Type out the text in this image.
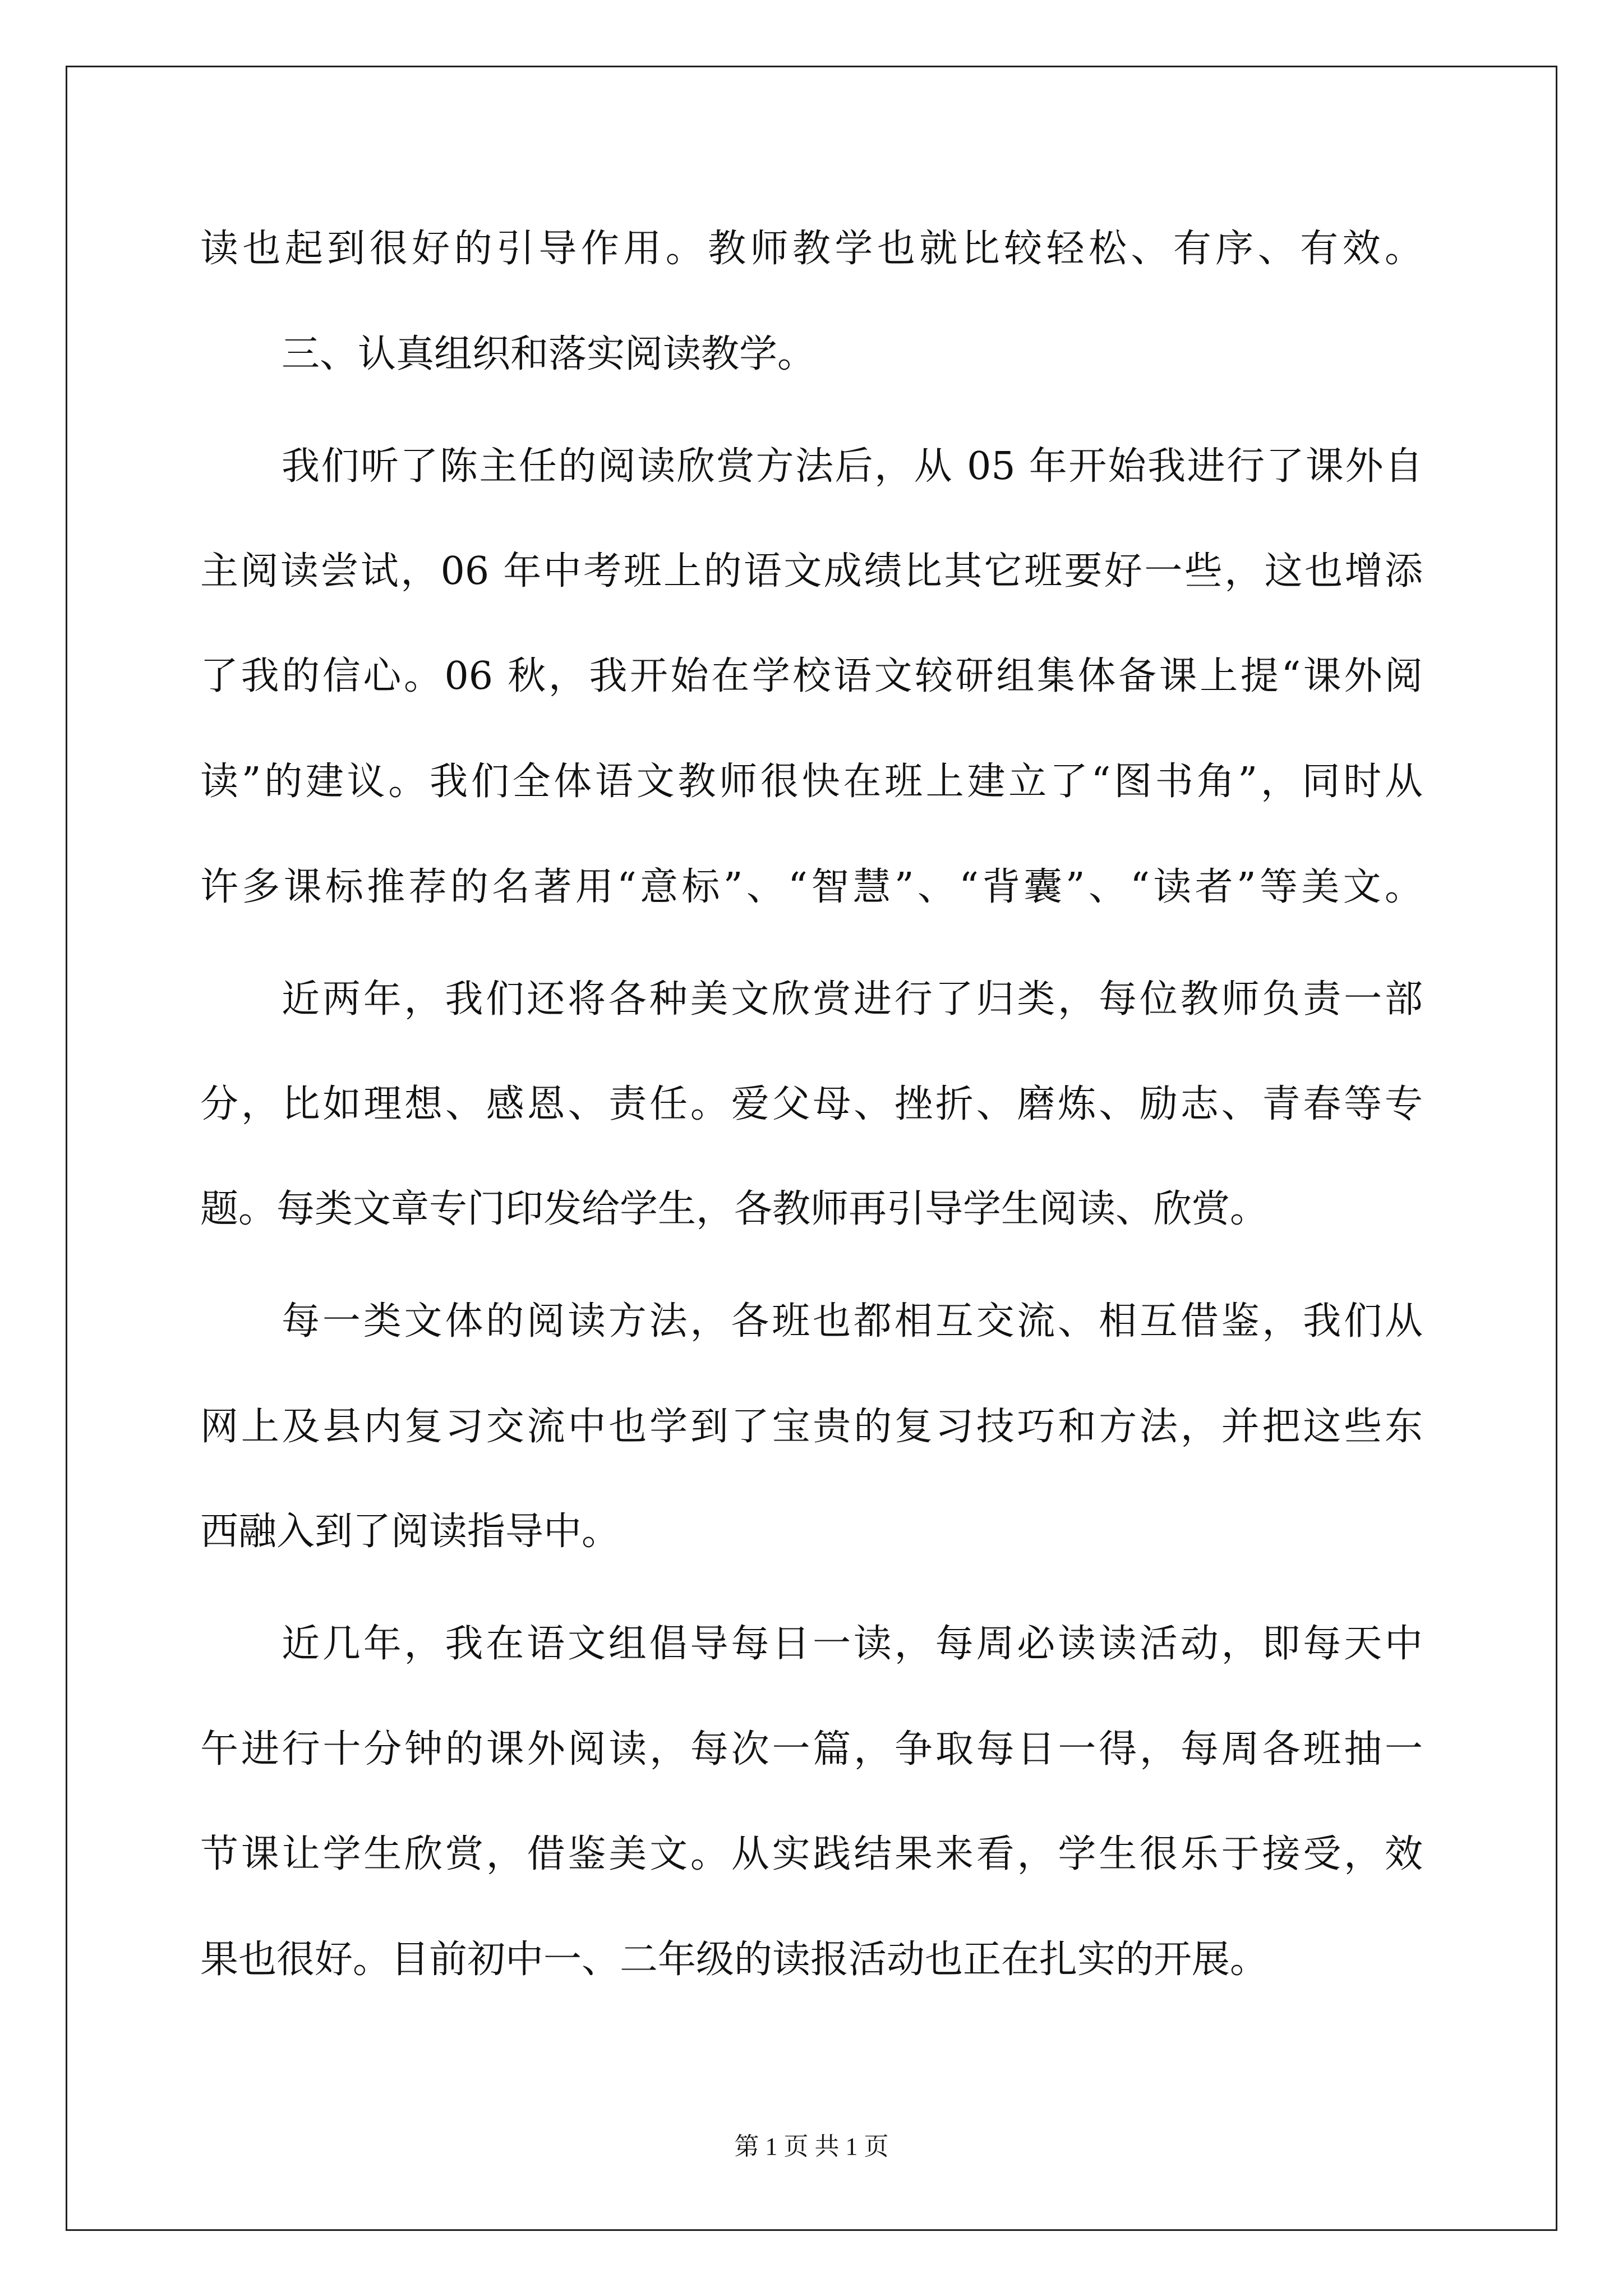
读也起到很好的引导作用。教师教学也就比较轻松、有序、有效。
三、认真组织和落实阅读教学。
我们听了陈主任的阅读欣赏方法后，从 05 年开始我进行了课外自
主阅读尝试，06 年中考班上的语文成绩比其它班要好一些，这也增添
了我的信心。06 秋，我开始在学校语文较研组集体备课上提“课外阅
读”的建议。我们全体语文教师很快在班上建立了“图书角”，同时从
许多课标推荐的名著用“意标”、“智慧”、“背囊”、“读者”等美文。
近两年，我们还将各种美文欣赏进行了归类，每位教师负责一部
分，比如理想、感恩、责任。爱父母、挫折、磨炼、励志、青春等专
题。每类文章专门印发给学生，各教师再引导学生阅读、欣赏。
每一类文体的阅读方法，各班也都相互交流、相互借鉴，我们从
网上及县内复习交流中也学到了宝贵的复习技巧和方法，并把这些东
西融入到了阅读指导中。
近几年，我在语文组倡导每日一读，每周必读读活动，即每天中
午进行十分钟的课外阅读，每次一篇，争取每日一得，每周各班抽一
节课让学生欣赏，借鉴美文。从实践结果来看，学生很乐于接受，效
果也很好。目前初中一、二年级的读报活动也正在扎实的开展。
第 1 页 共 1 页
